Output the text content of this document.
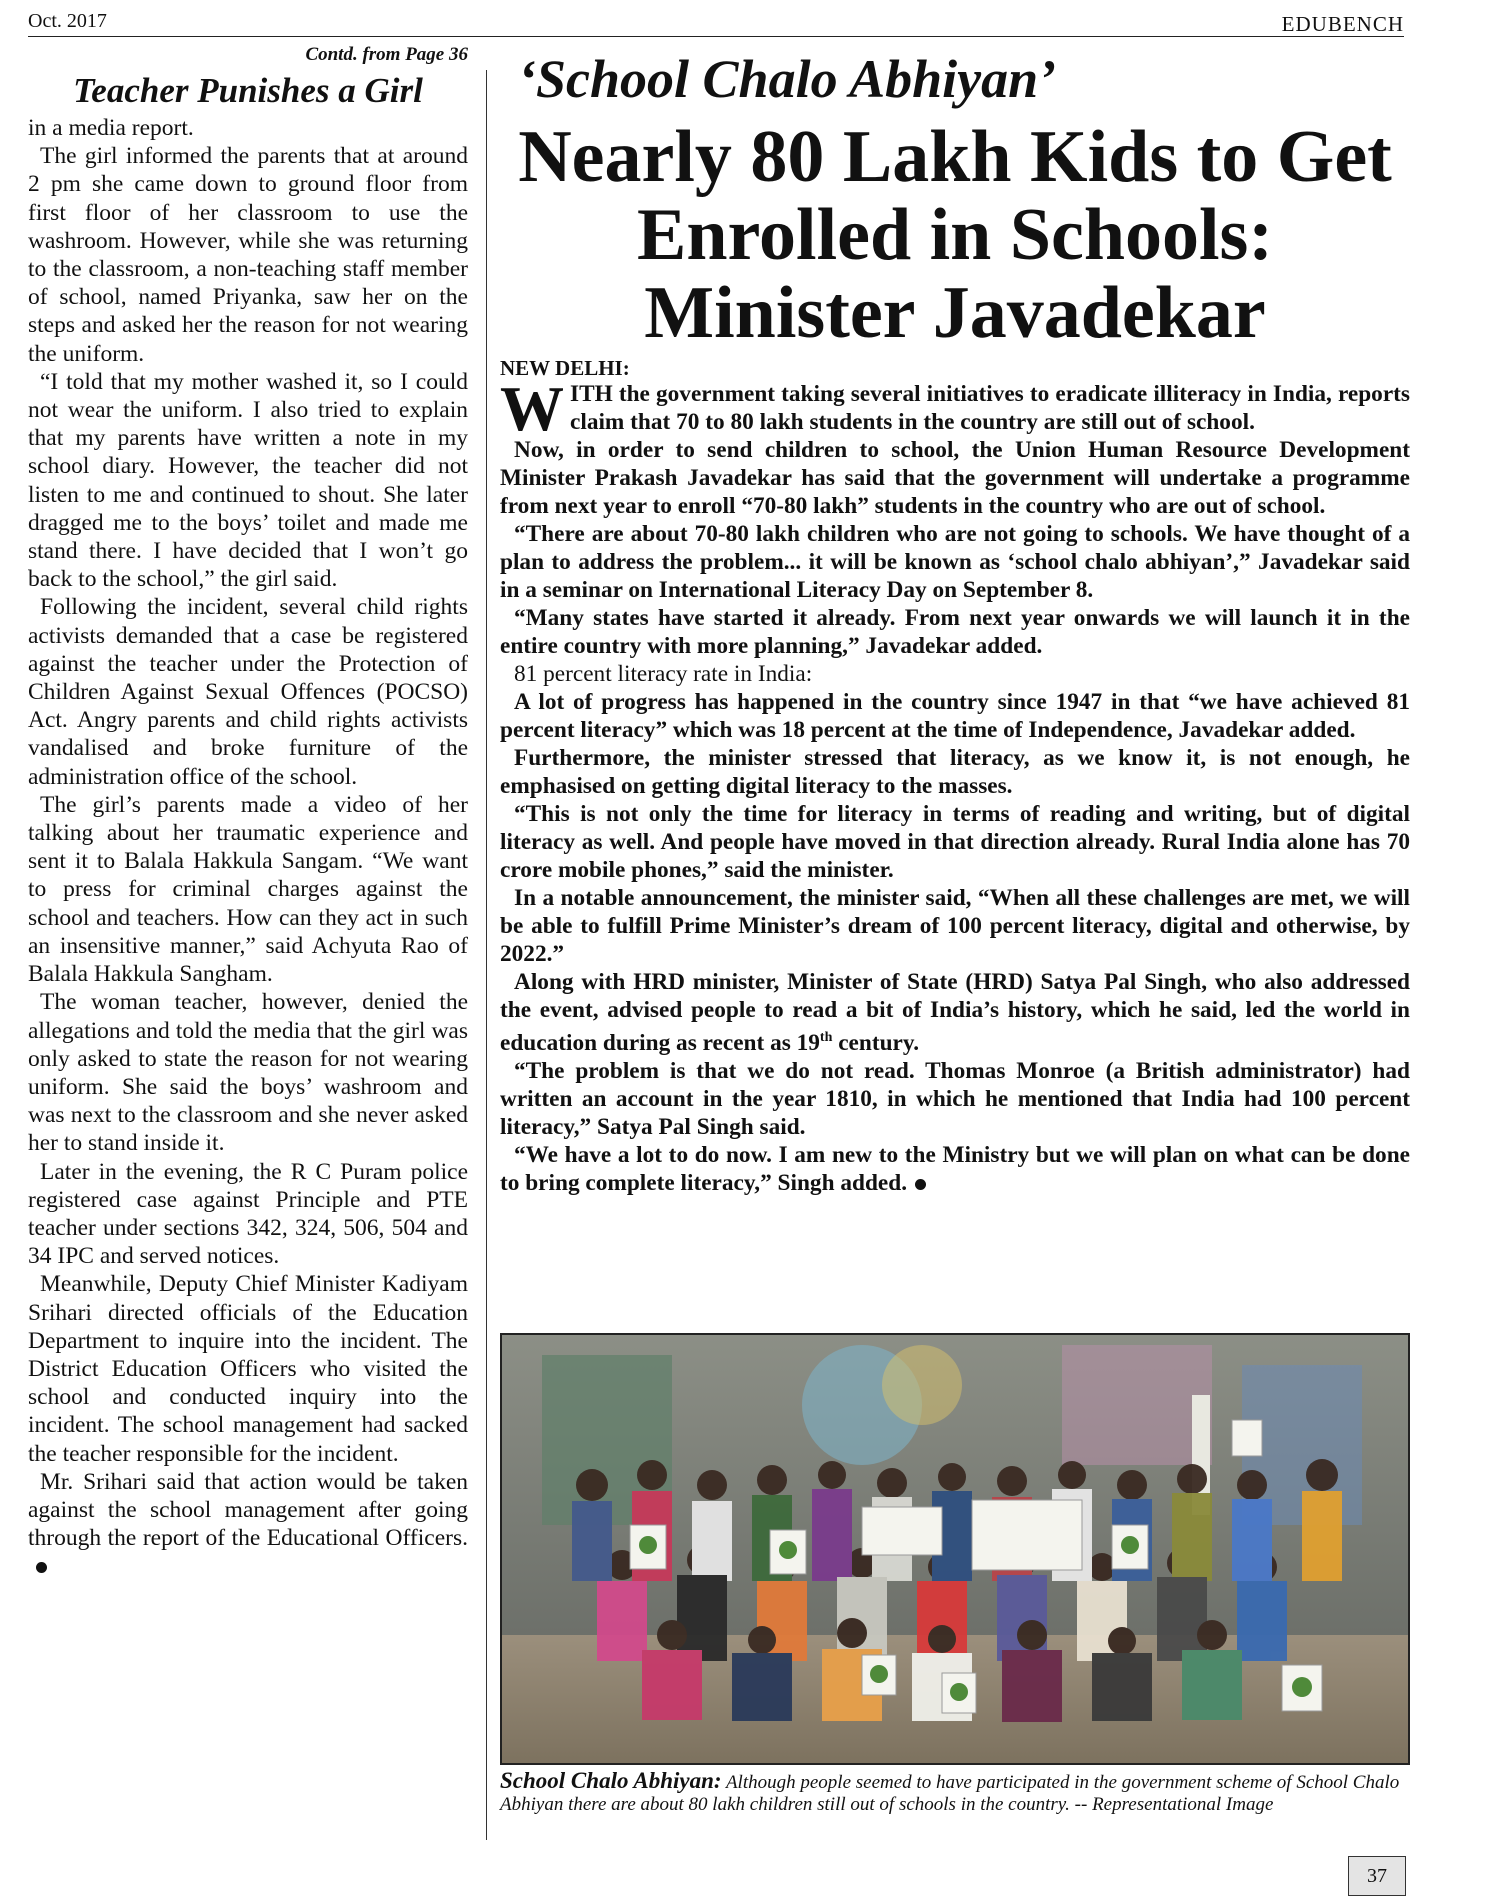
Oct. 2017	EDUBENCH

Contd. from Page 36

Teacher Punishes a Girl

in a media report.

The girl informed the parents that at around 2 pm she came down to ground floor from first floor of her classroom to use the washroom. However, while she was returning to the classroom, a non-teaching staff member of school, named Priyanka, saw her on the steps and asked her the reason for not wearing the uniform.

“I told that my mother washed it, so I could not wear the uniform. I also tried to explain that my parents have written a note in my school diary. However, the teacher did not listen to me and continued to shout. She later dragged me to the boys’ toilet and made me stand there. I have decided that I won’t go back to the school,” the girl said.

Following the incident, several child rights activists demanded that a case be registered against the teacher under the Protection of Children Against Sexual Offences (POCSO) Act. Angry parents and child rights activists vandalised and broke furniture of the administration office of the school.

The girl’s parents made a video of her talking about her traumatic experience and sent it to Balala Hakkula Sangam. “We want to press for criminal charges against the school and teachers. How can they act in such an insensitive manner,” said Achyuta Rao of Balala Hakkula Sangham.

The woman teacher, however, denied the allegations and told the media that the girl was only asked to state the reason for not wearing uniform. She said the boys’ washroom and was next to the classroom and she never asked her to stand inside it.

Later in the evening, the R C Puram police registered case against Principle and PTE teacher under sections 342, 324, 506, 504 and 34 IPC and served notices.

Meanwhile, Deputy Chief Minister Kadiyam Srihari directed officials of the Education Department to inquire into the incident. The District Education Officers who visited the school and conducted inquiry into the incident. The school management had sacked the teacher responsible for the incident.

Mr. Srihari said that action would be taken against the school management after going through the report of the Educational Officers.

‘School Chalo Abhiyan’
Nearly 80 Lakh Kids to Get Enrolled in Schools: Minister Javadekar

NEW DELHI:

WITH the government taking several initiatives to eradicate illiteracy in India, reports claim that 70 to 80 lakh students in the country are still out of school.

Now, in order to send children to school, the Union Human Resource Development Minister Prakash Javadekar has said that the government will undertake a programme from next year to enroll “70-80 lakh” students in the country who are out of school.

“There are about 70-80 lakh children who are not going to schools. We have thought of a plan to address the problem... it will be known as ‘school chalo abhiyan’,” Javadekar said in a seminar on International Literacy Day on September 8.

“Many states have started it already. From next year onwards we will launch it in the entire country with more planning,” Javadekar added.

81 percent literacy rate in India:

A lot of progress has happened in the country since 1947 in that “we have achieved 81 percent literacy” which was 18 percent at the time of Independence, Javadekar added.

Furthermore, the minister stressed that literacy, as we know it, is not enough, he emphasised on getting digital literacy to the masses.

“This is not only the time for literacy in terms of reading and writing, but of digital literacy as well. And people have moved in that direction already. Rural India alone has 70 crore mobile phones,” said the minister.

In a notable announcement, the minister said, “When all these challenges are met, we will be able to fulfill Prime Minister’s dream of 100 percent literacy, digital and otherwise, by 2022.”

Along with HRD minister, Minister of State (HRD) Satya Pal Singh, who also addressed the event, advised people to read a bit of India’s history, which he said, led the world in education during as recent as 19th century.

“The problem is that we do not read. Thomas Monroe (a British administrator) had written an account in the year 1810, in which he mentioned that India had 100 percent literacy,” Satya Pal Singh said.

“We have a lot to do now. I am new to the Ministry but we will plan on what can be done to bring complete literacy,” Singh added.

School Chalo Abhiyan: Although people seemed to have participated in the government scheme of School Chalo Abhiyan there are about 80 lakh children still out of schools in the country. -- Representational Image
37
